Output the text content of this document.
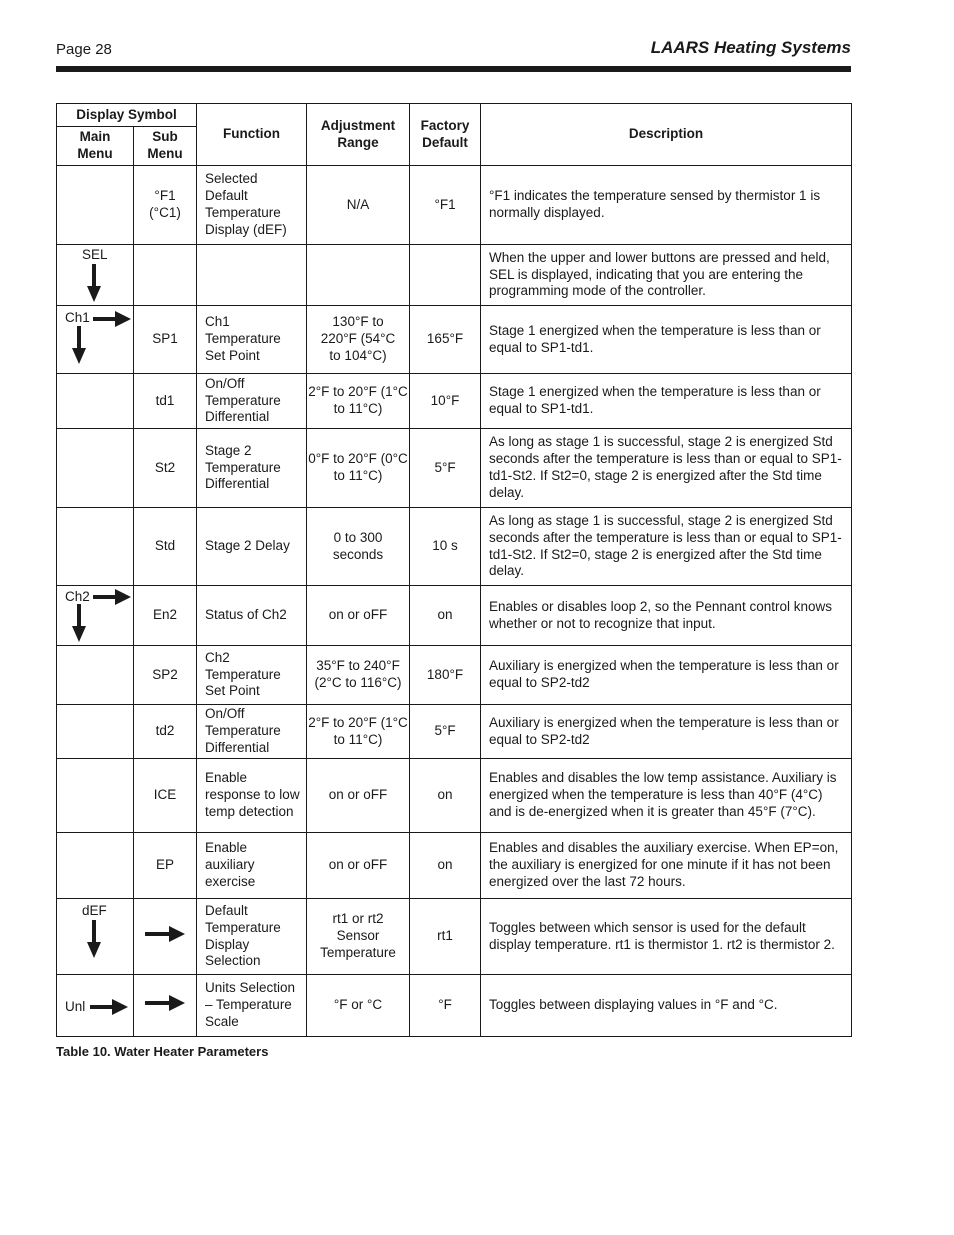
Page 28	LAARS Heating Systems
Display Symbol		Function	Adjustment Range	Factory Default	Description

Main Menu	Sub Menu				

	°F1 (°C1)	Selected Default Temperature Display (dEF)	N/A	°F1	°F1 indicates the temperature sensed by thermistor 1 is normally displayed.

SEL					When the upper and lower buttons are pressed and held, SEL is displayed, indicating that you are entering the programming mode of the controller.

Ch1	SP1	Ch1 Temperature Set Point	130°F to 220°F (54°C to 104°C)	165°F	Stage 1 energized when the temperature is less than or equal to SP1-td1.
	td1	On/Off Temperature Differential	2°F to 20°F (1°C to 11°C)	10°F	Stage 1 energized when the temperature is less than or equal to SP1-td1.
	St2	Stage 2 Temperature Differential	0°F to 20°F (0°C to 11°C)	5°F	As long as stage 1 is successful, stage 2 is energized Std seconds after the temperature is less than or equal to SP1-td1-St2. If St2=0, stage 2 is energized after the Std time delay.
	Std	Stage 2 Delay	0 to 300 seconds	10 s	As long as stage 1 is successful, stage 2 is energized Std seconds after the temperature is less than or equal to SP1-td1-St2. If St2=0, stage 2 is energized after the Std time delay.

Ch2	En2	Status of Ch2	on or oFF	on	Enables or disables loop 2, so the Pennant control knows whether or not to recognize that input.
	SP2	Ch2 Temperature Set Point	35°F to 240°F (2°C to 116°C)	180°F	Auxiliary is energized when the temperature is less than or equal to SP2-td2
	td2	On/Off Temperature Differential	2°F to 20°F (1°C to 11°C)	5°F	Auxiliary is energized when the temperature is less than or equal to SP2-td2
	ICE	Enable response to low temp detection	on or oFF	on	Enables and disables the low temp assistance. Auxiliary is energized when the temperature is less than 40°F (4°C) and is de-energized when it is greater than 45°F (7°C).
	EP	Enable auxiliary exercise	on or oFF	on	Enables and disables the auxiliary exercise. When EP=on, the auxiliary is energized for one minute if it has not been energized over the last 72 hours.

dEF		Default Temperature Display Selection	rt1 or rt2 Sensor Temperature	rt1	Toggles between which sensor is used for the default display temperature. rt1 is thermistor 1. rt2 is thermistor 2.

Unl		Units Selection – Temperature Scale	°F or °C	°F	Toggles between displaying values in °F and °C.
Table 10. Water Heater Parameters
